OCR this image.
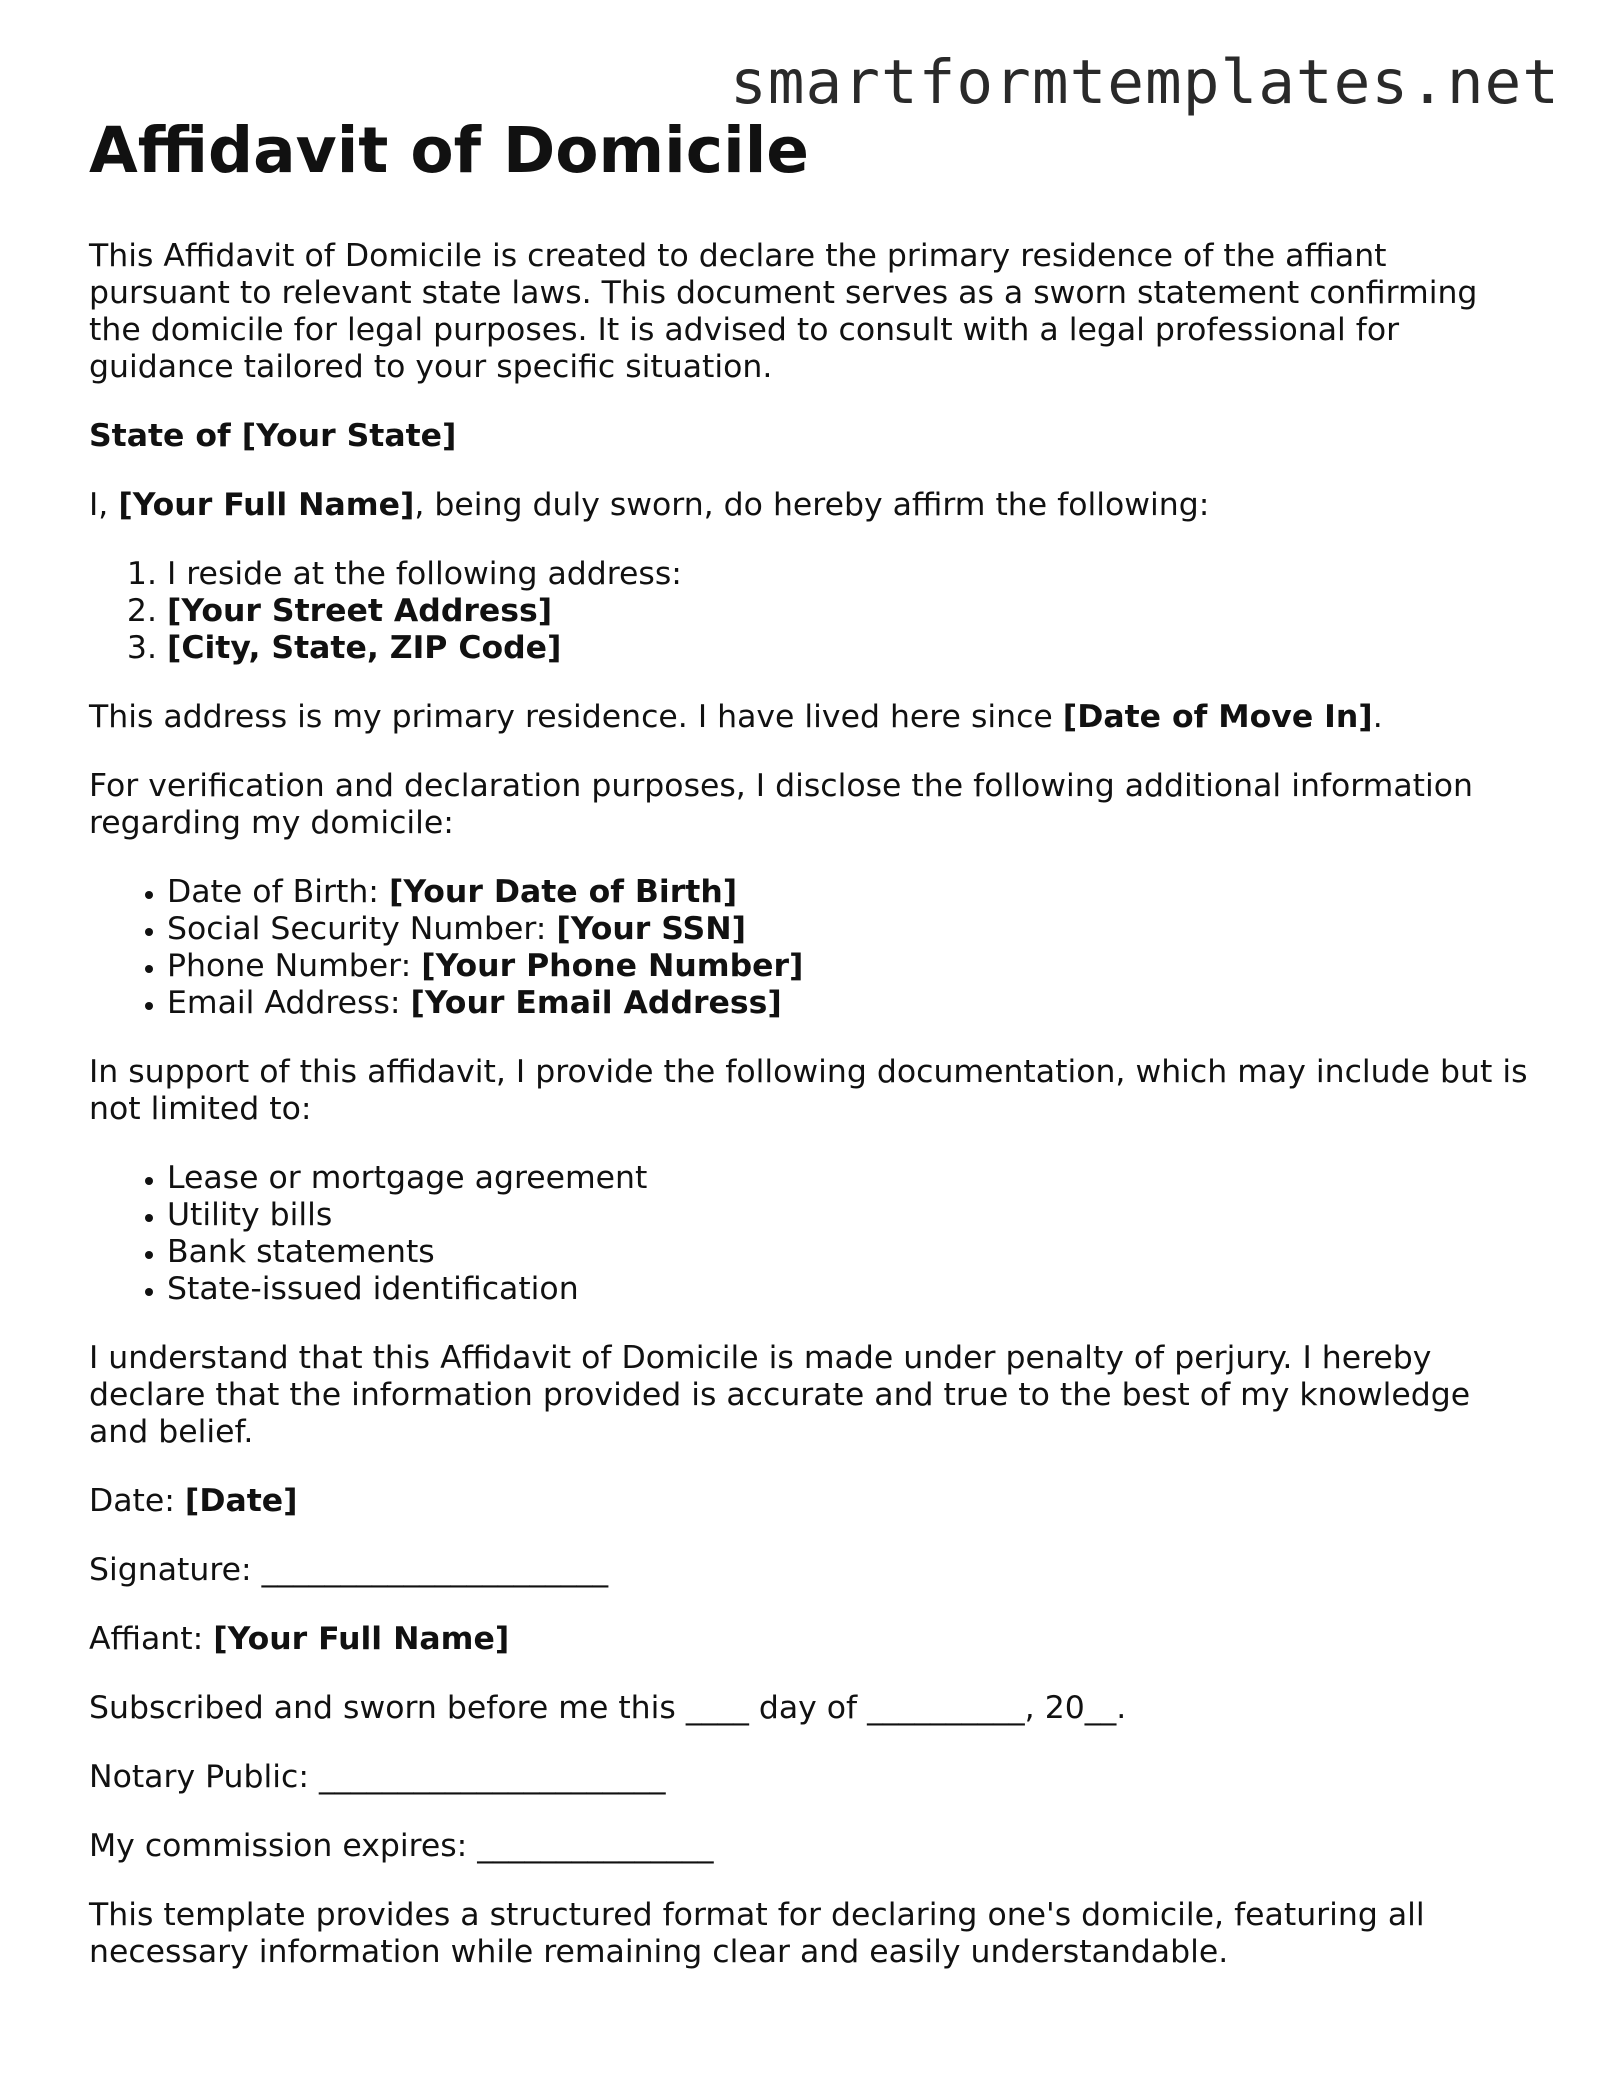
smartformtemplates.net
Affidavit of Domicile

This Affidavit of Domicile is created to declare the primary residence of the affiant pursuant to relevant state laws. This document serves as a sworn statement confirming the domicile for legal purposes. It is advised to consult with a legal professional for guidance tailored to your specific situation.

State of [Your State]

I, [Your Full Name], being duly sworn, do hereby affirm the following:

1. I reside at the following address:
2. [Your Street Address]
3. [City, State, ZIP Code]

This address is my primary residence. I have lived here since [Date of Move In].

For verification and declaration purposes, I disclose the following additional information regarding my domicile:

• Date of Birth: [Your Date of Birth]
• Social Security Number: [Your SSN]
• Phone Number: [Your Phone Number]
• Email Address: [Your Email Address]

In support of this affidavit, I provide the following documentation, which may include but is not limited to:

• Lease or mortgage agreement
• Utility bills
• Bank statements
• State-issued identification

I understand that this Affidavit of Domicile is made under penalty of perjury. I hereby declare that the information provided is accurate and true to the best of my knowledge and belief.

Date: [Date]

Signature: ______________________

Affiant: [Your Full Name]

Subscribed and sworn before me this ____ day of __________, 20__.

Notary Public: ______________________

My commission expires: _______________

This template provides a structured format for declaring one's domicile, featuring all necessary information while remaining clear and easily understandable.
